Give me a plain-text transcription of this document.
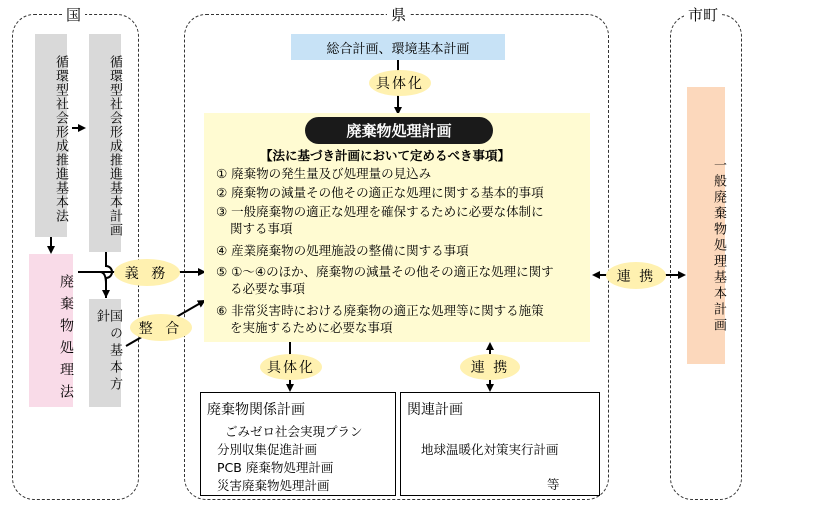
国	県	市町
循環型社会形成推進基本法	循環型社会形成推進基本計画
廃棄物処理法	国の基本方針
総合計画、環境基本計画
具体化
廃棄物処理計画
【法に基づき計画において定めるべき事項】
① 廃棄物の発生量及び処理量の見込み
② 廃棄物の減量その他その適正な処理に関する基本的事項
③ 一般廃棄物の適正な処理を確保するために必要な体制に
関する事項
④ 産業廃棄物の処理施設の整備に関する事項
⑤ ①～④のほか、廃棄物の減量その他その適正な処理に関す
る必要な事項
⑥ 非常災害時における廃棄物の適正な処理等に関する施策
を実施するために必要な事項
具体化	連 携
廃棄物関係計画
ごみゼロ社会実現プラン
分別収集促進計画
PCB 廃棄物処理計画
災害廃棄物処理計画
関連計画
地球温暖化対策実行計画
等
義 務
整 合
連 携	一般廃棄物処理基本計画
